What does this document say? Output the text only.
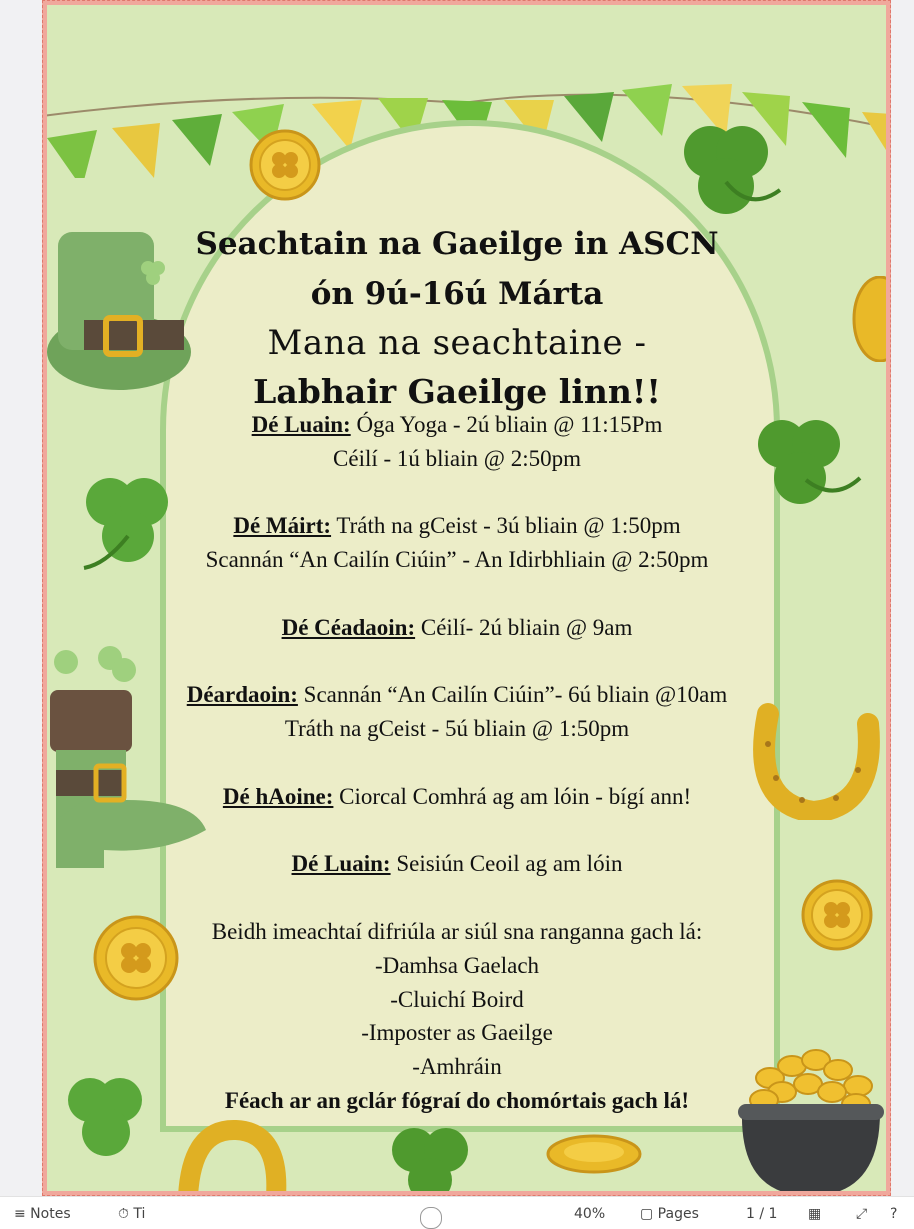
Seachtain na Gaeilge in ASCN
ón 9ú-16ú Márta
Mana na seachtaine -
Labhair Gaeilge linn!!
Dé Luain: Óga Yoga - 2ú bliain @ 11:15Pm
Céilí - 1ú bliain @ 2:50pm
Dé Máirt: Tráth na gCeist - 3ú bliain @ 1:50pm
Scannán “An Cailín Ciúin” - An Idirbhliain @ 2:50pm
Dé Céadaoin: Céilí- 2ú bliain @ 9am
Déardaoin: Scannán “An Cailín Ciúin”- 6ú bliain @10am
Tráth na gCeist - 5ú bliain @ 1:50pm
Dé hAoine: Ciorcal Comhrá ag am lóin - bígí ann!
Dé Luain: Seisiún Ceoil ag am lóin
Beidh imeachtaí difriúla ar siúl sna ranganna gach lá:
-Damhsa Gaelach
-Cluichí Boird
-Imposter as Gaeilge
-Amhráin
Féach ar an gclár fógraí do chomórtais gach lá!
≡ Notes	⏱ Ti	40% ▢ Pages	1 / 1 ▦ ⤢ ?
